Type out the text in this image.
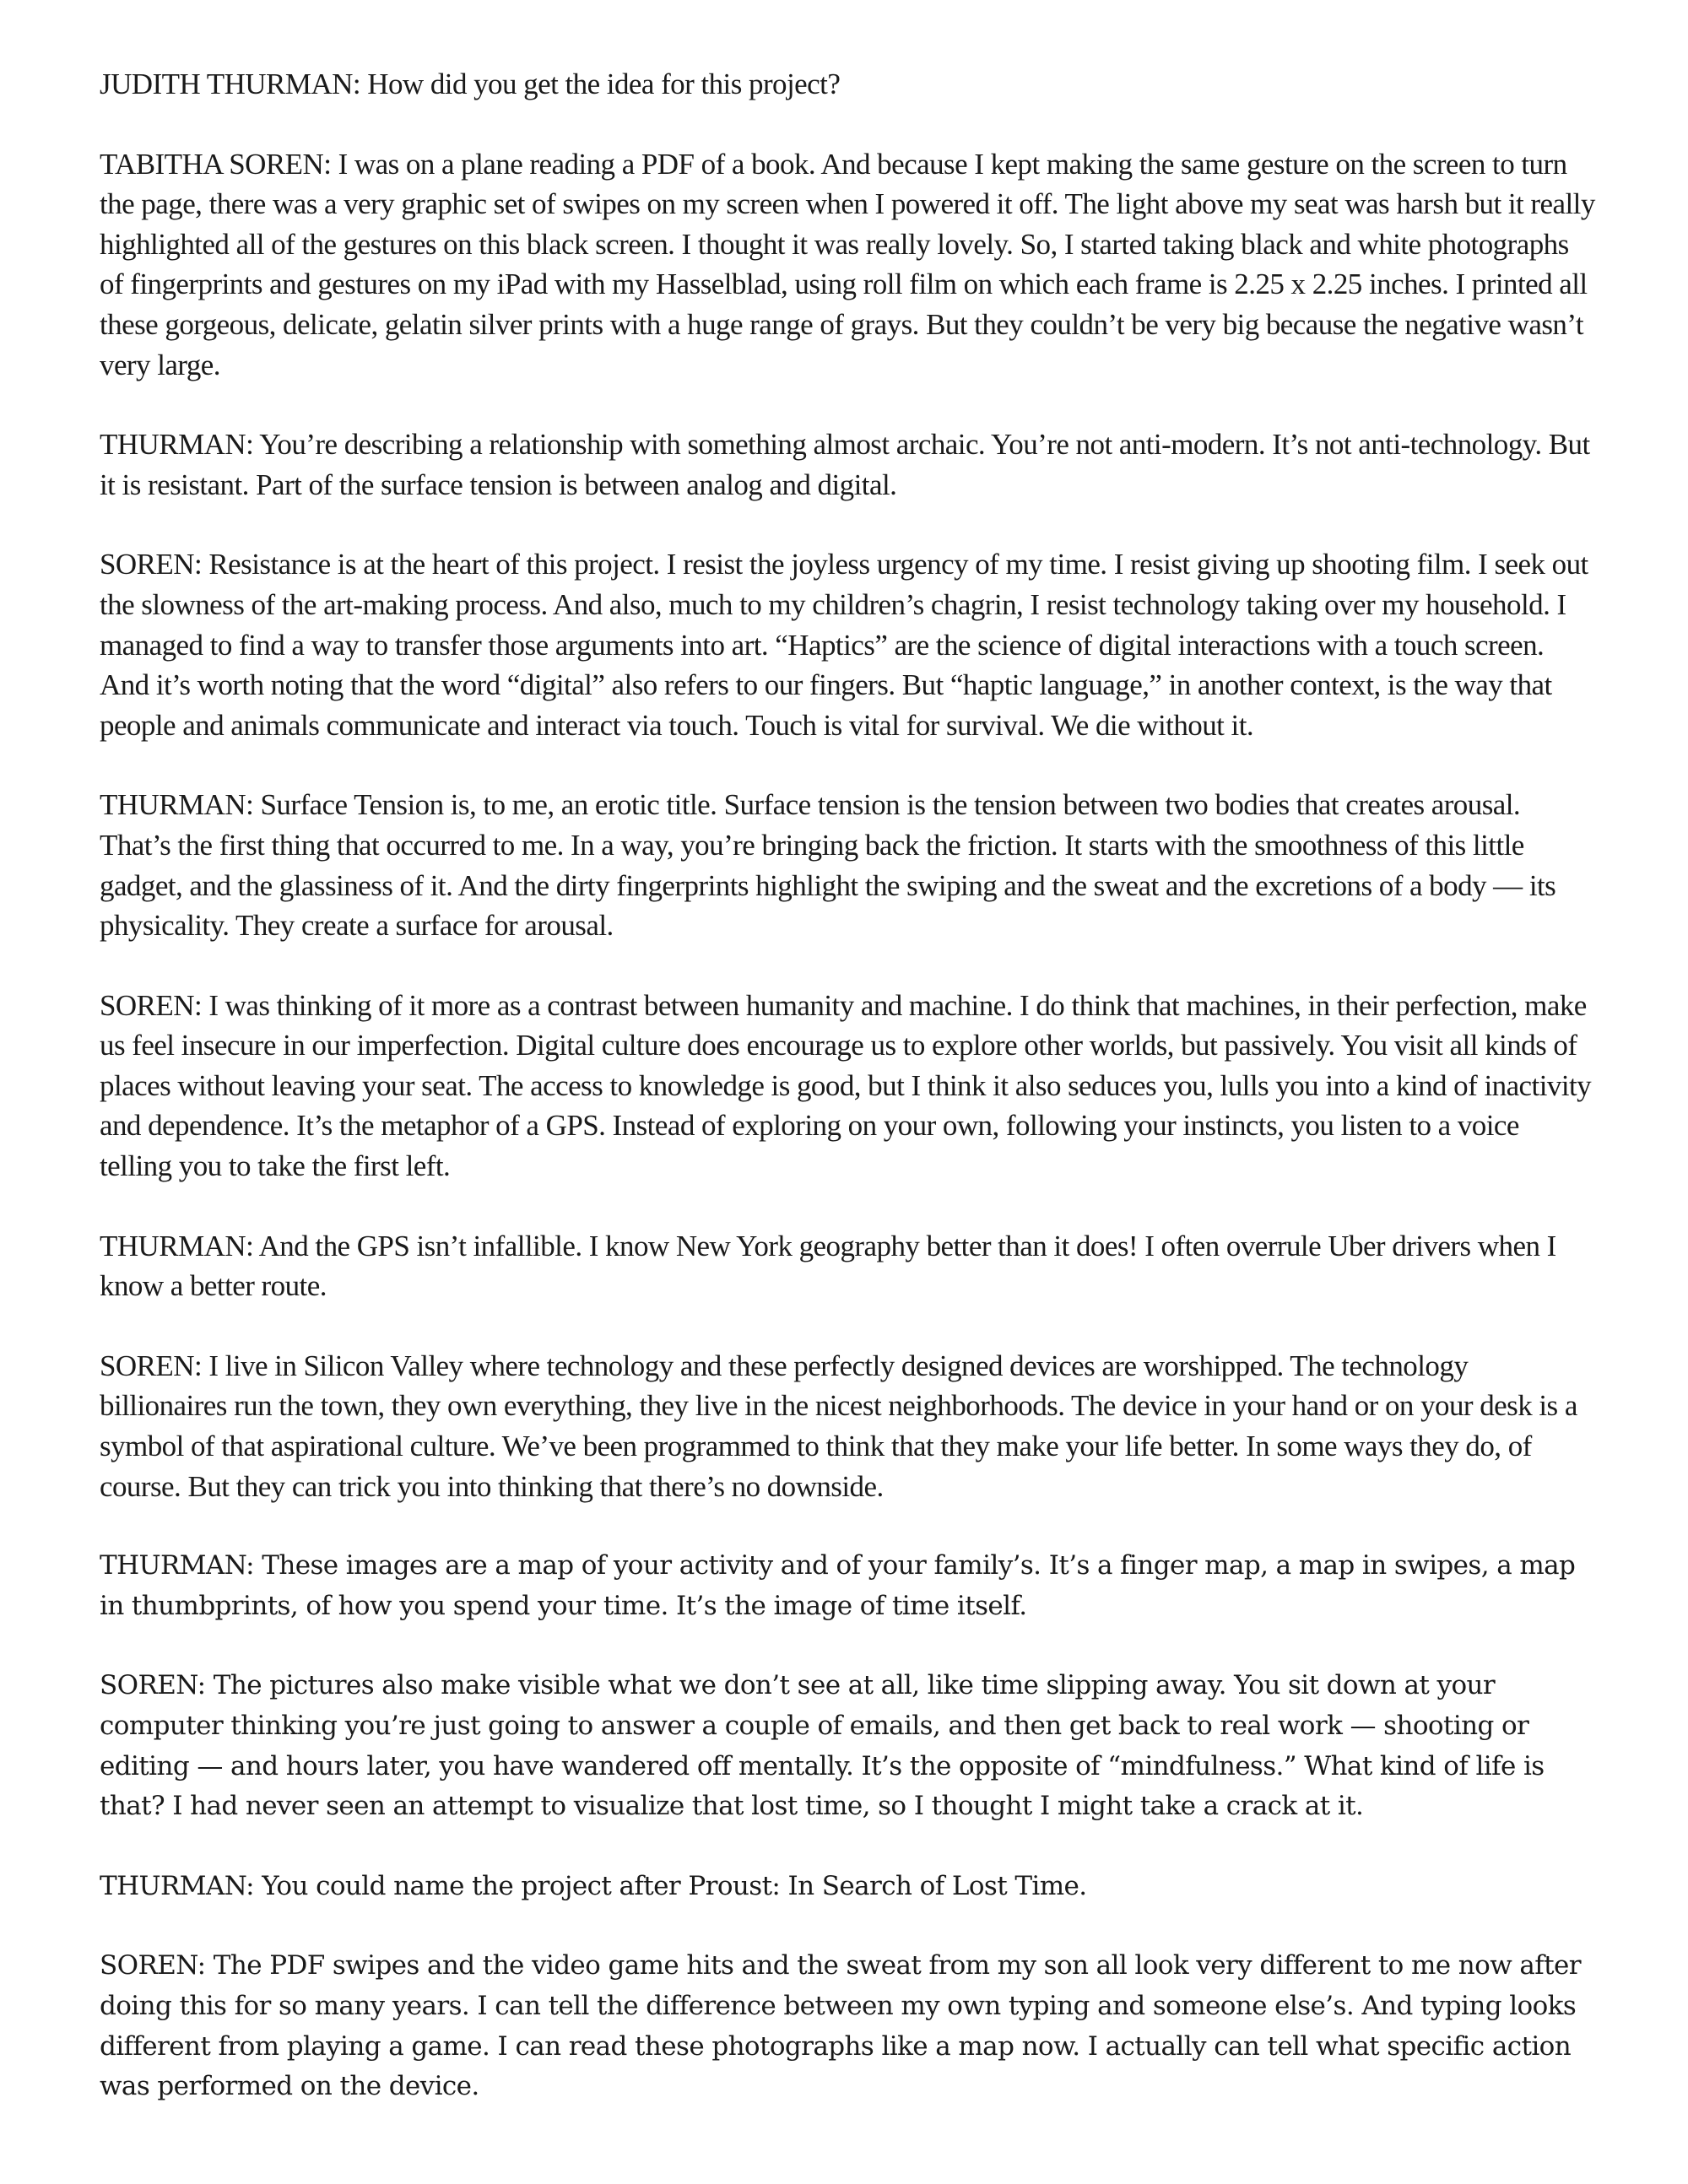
JUDITH THURMAN: How did you get the idea for this project?

TABITHA SOREN: I was on a plane reading a PDF of a book. And because I kept making the same gesture on the screen to turn the page, there was a very graphic set of swipes on my screen when I powered it off. The light above my seat was harsh but it really highlighted all of the gestures on this black screen. I thought it was really lovely. So, I started taking black and white photographs of fingerprints and gestures on my iPad with my Hasselblad, using roll film on which each frame is 2.25 x 2.25 inches. I printed all these gorgeous, delicate, gelatin silver prints with a huge range of grays. But they couldn’t be very big because the negative wasn’t very large.

THURMAN: You’re describing a relationship with something almost archaic. You’re not anti-modern. It’s not anti-technology. But it is resistant. Part of the surface tension is between analog and digital.

SOREN: Resistance is at the heart of this project. I resist the joyless urgency of my time. I resist giving up shooting film. I seek out the slowness of the art-making process. And also, much to my children’s chagrin, I resist technology taking over my household. I managed to find a way to transfer those arguments into art. “Haptics” are the science of digital interactions with a touch screen. And it’s worth noting that the word “digital” also refers to our fingers. But “haptic language,” in another context, is the way that people and animals communicate and interact via touch. Touch is vital for survival. We die without it.

THURMAN: Surface Tension is, to me, an erotic title. Surface tension is the tension between two bodies that creates arousal. That’s the first thing that occurred to me. In a way, you’re bringing back the friction. It starts with the smoothness of this little gadget, and the glassiness of it. And the dirty fingerprints highlight the swiping and the sweat and the excretions of a body — its physicality. They create a surface for arousal.

SOREN: I was thinking of it more as a contrast between humanity and machine. I do think that machines, in their perfection, make us feel insecure in our imperfection. Digital culture does encourage us to explore other worlds, but passively. You visit all kinds of places without leaving your seat. The access to knowledge is good, but I think it also seduces you, lulls you into a kind of inactivity and dependence. It’s the metaphor of a GPS. Instead of exploring on your own, following your instincts, you listen to a voice telling you to take the first left.

THURMAN: And the GPS isn’t infallible. I know New York geography better than it does! I often overrule Uber drivers when I know a better route.

SOREN: I live in Silicon Valley where technology and these perfectly designed devices are worshipped. The technology billionaires run the town, they own everything, they live in the nicest neighborhoods. The device in your hand or on your desk is a symbol of that aspirational culture. We’ve been programmed to think that they make your life better. In some ways they do, of course. But they can trick you into thinking that there’s no downside.

THURMAN: These images are a map of your activity and of your family’s. It’s a finger map, a map in swipes, a map in thumbprints, of how you spend your time. It’s the image of time itself.

SOREN: The pictures also make visible what we don’t see at all, like time slipping away. You sit down at your computer thinking you’re just going to answer a couple of emails, and then get back to real work — shooting or editing — and hours later, you have wandered off mentally. It’s the opposite of “mindfulness.” What kind of life is that? I had never seen an attempt to visualize that lost time, so I thought I might take a crack at it.

THURMAN: You could name the project after Proust: In Search of Lost Time.

SOREN: The PDF swipes and the video game hits and the sweat from my son all look very different to me now after doing this for so many years. I can tell the difference between my own typing and someone else’s. And typing looks different from playing a game. I can read these photographs like a map now. I actually can tell what specific action was performed on the device.
